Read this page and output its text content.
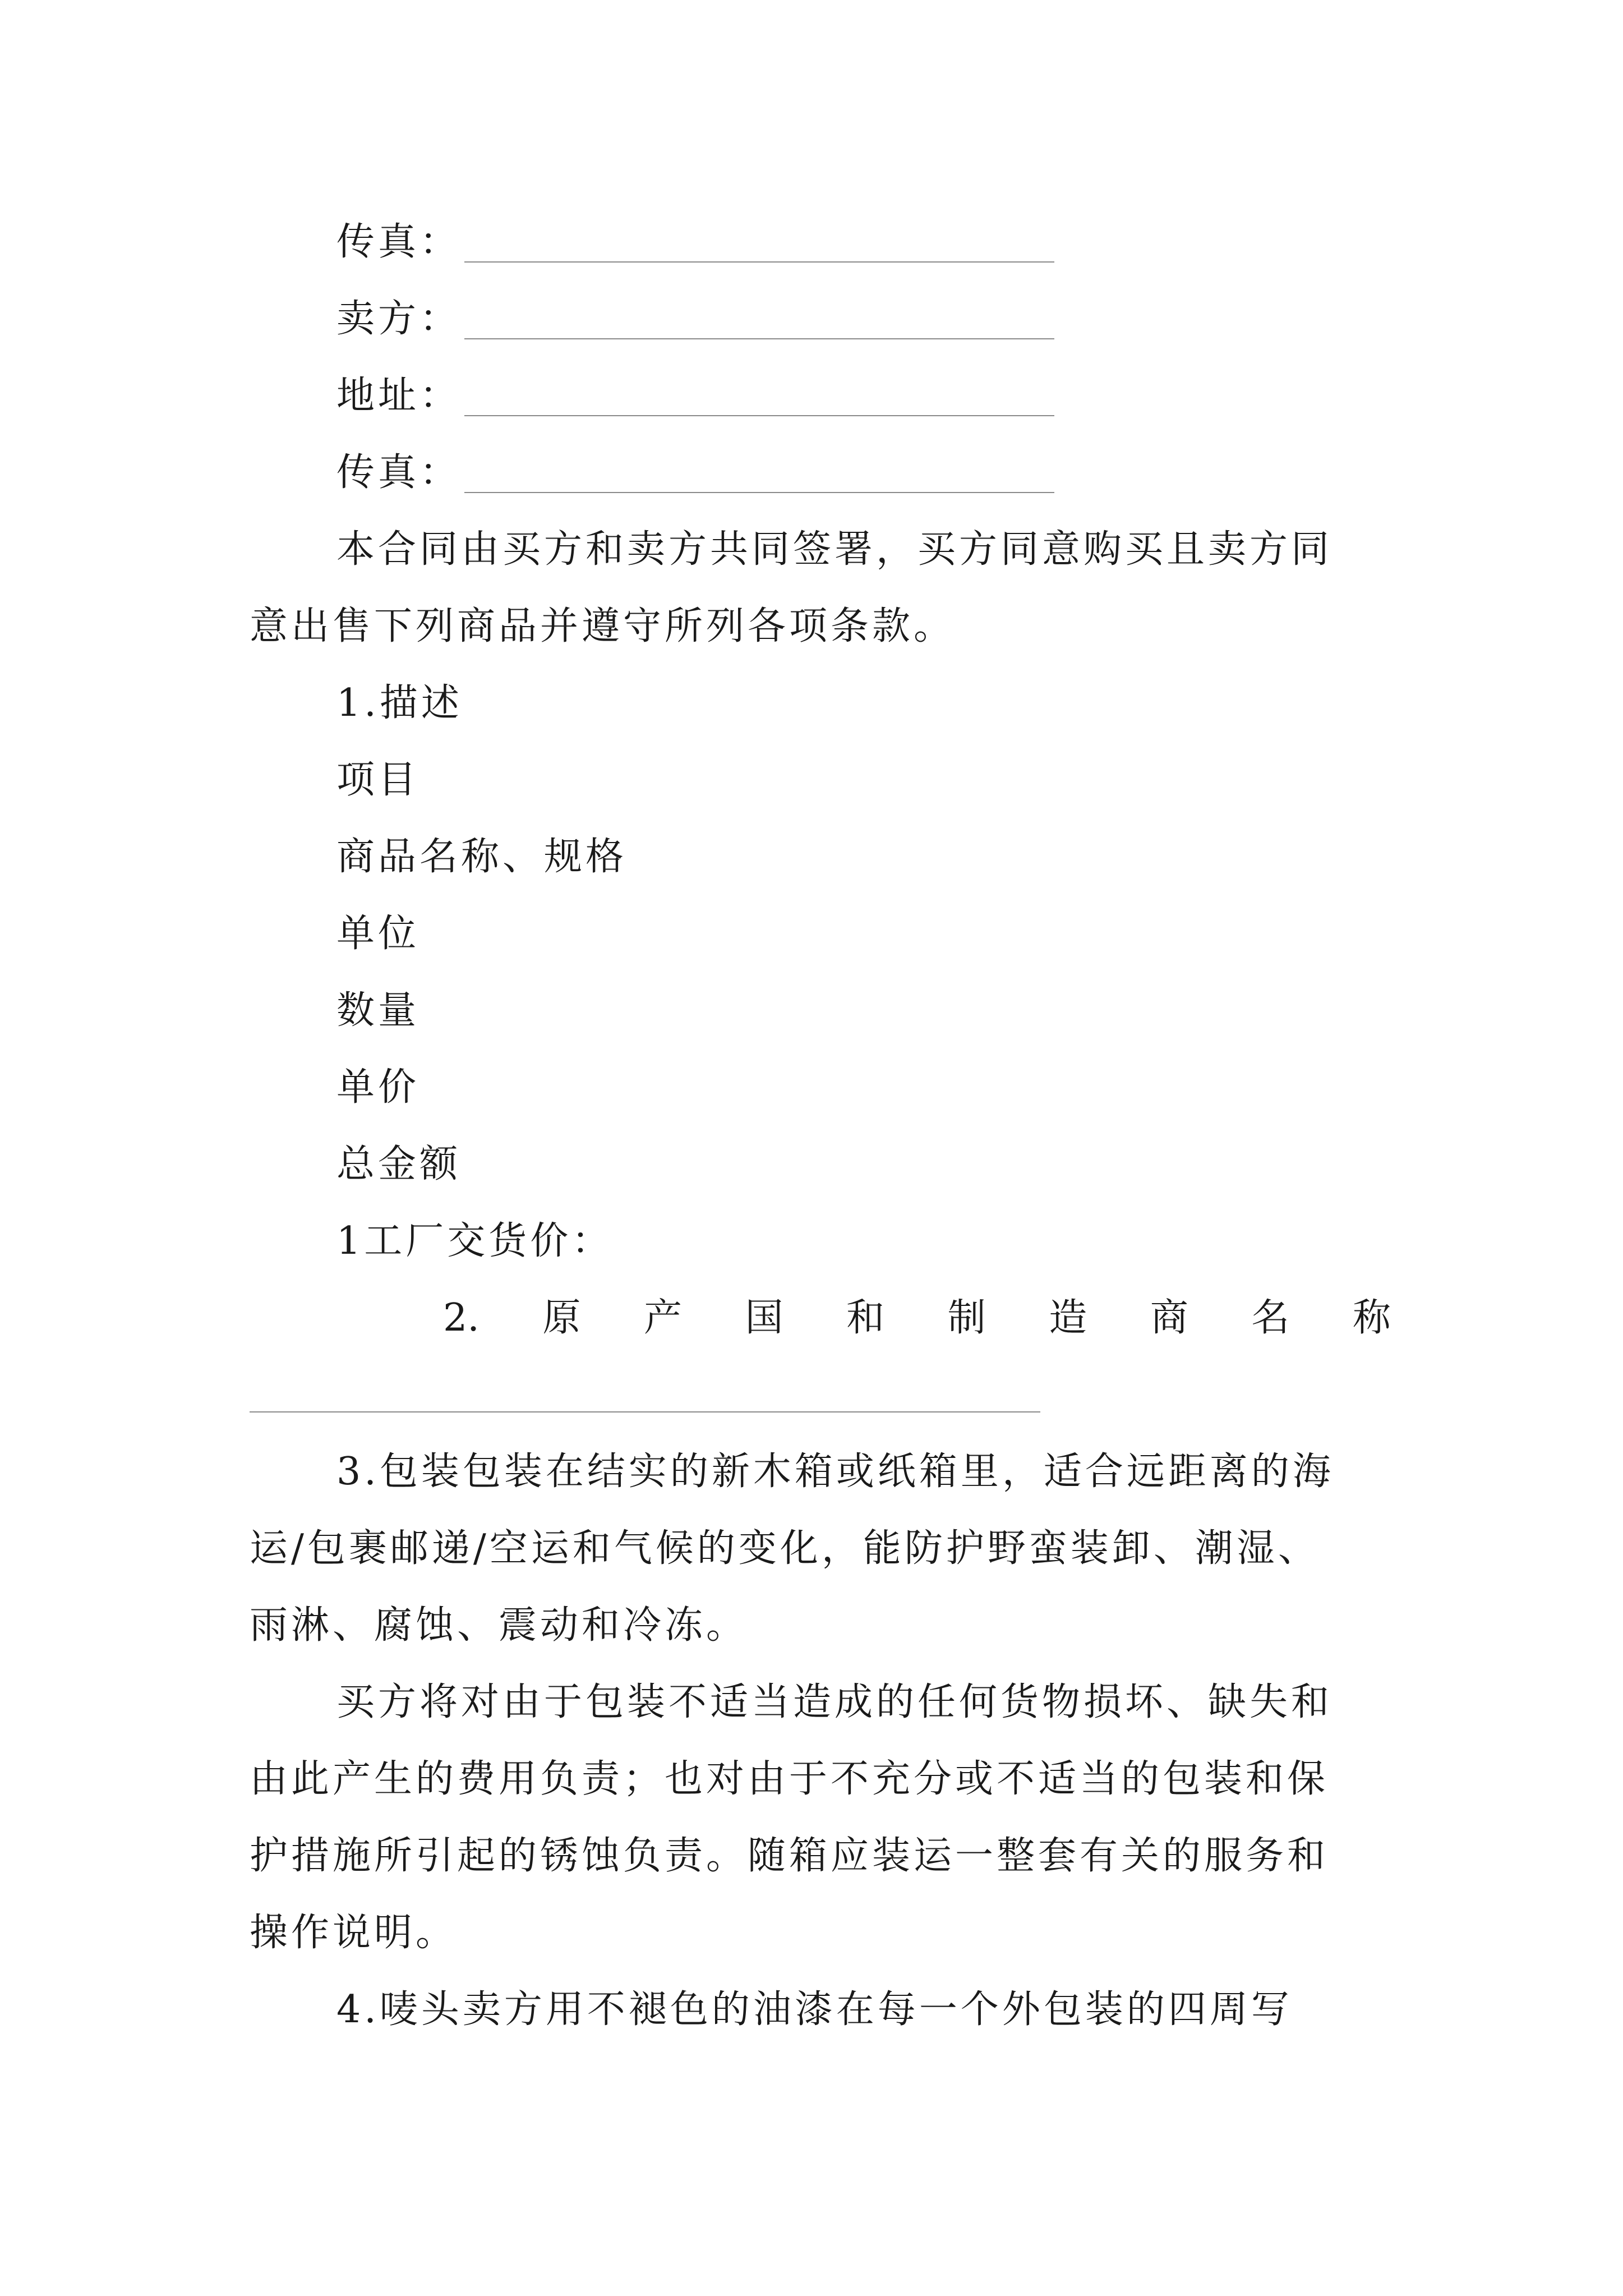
传真：
卖方：
地址：
传真：
本合同由买方和卖方共同签署，买方同意购买且卖方同
意出售下列商品并遵守所列各项条款。
1.描述
项目
商品名称、规格
单位
数量
单价
总金额
1工厂交货价：
2. 原 产 国 和 制 造 商 名 称
3.包装包装在结实的新木箱或纸箱里，适合远距离的海
运/包裹邮递/空运和气候的变化，能防护野蛮装卸、潮湿、
雨淋、腐蚀、震动和冷冻。
买方将对由于包装不适当造成的任何货物损坏、缺失和
由此产生的费用负责；也对由于不充分或不适当的包装和保
护措施所引起的锈蚀负责。随箱应装运一整套有关的服务和
操作说明。
4.唛头卖方用不褪色的油漆在每一个外包装的四周写
